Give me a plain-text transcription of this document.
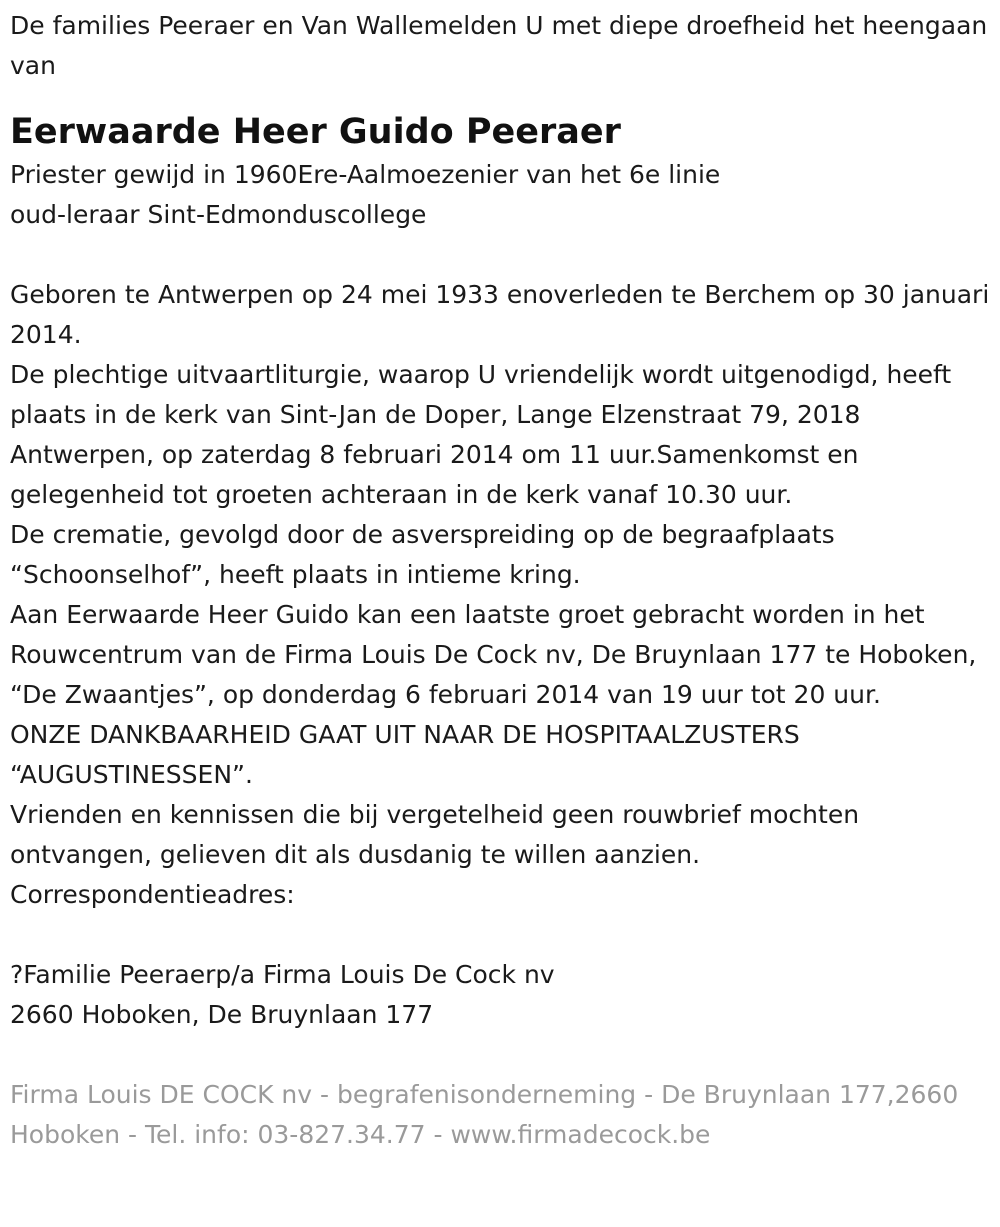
De families Peeraer en Van Wallemelden U met diepe droefheid het heengaan van

Eerwaarde Heer Guido Peeraer
Priester gewijd in 1960Ere-Aalmoezenier van het 6e linie
oud-leraar Sint-Edmonduscollege
Geboren te Antwerpen op 24 mei 1933 enoverleden te Berchem op 30 januari 2014.
De plechtige uitvaartliturgie, waarop U vriendelijk wordt uitgenodigd, heeft plaats in de kerk van Sint-Jan de Doper, Lange Elzenstraat 79, 2018 Antwerpen, op zaterdag 8 februari 2014 om 11 uur.Samenkomst en gelegenheid tot groeten achteraan in de kerk vanaf 10.30 uur.
De crematie, gevolgd door de asverspreiding op de begraafplaats “Schoonselhof”, heeft plaats in intieme kring.
Aan Eerwaarde Heer Guido kan een laatste groet gebracht worden in het Rouwcentrum van de Firma Louis De Cock nv, De Bruynlaan 177 te Hoboken, “De Zwaantjes”, op donderdag 6 februari 2014 van 19 uur tot 20 uur.
ONZE DANKBAARHEID GAAT UIT NAAR DE HOSPITAALZUSTERS “AUGUSTINESSEN”.
Vrienden en kennissen die bij vergetelheid geen rouwbrief mochten ontvangen, gelieven dit als dusdanig te willen aanzien.
Correspondentieadres:
?Familie Peeraerp/a Firma Louis De Cock nv
2660 Hoboken, De Bruynlaan 177
Firma Louis DE COCK nv - begrafenisonderneming - De Bruynlaan 177,2660 Hoboken - Tel. info: 03-827.34.77 - www.firmadecock.be
